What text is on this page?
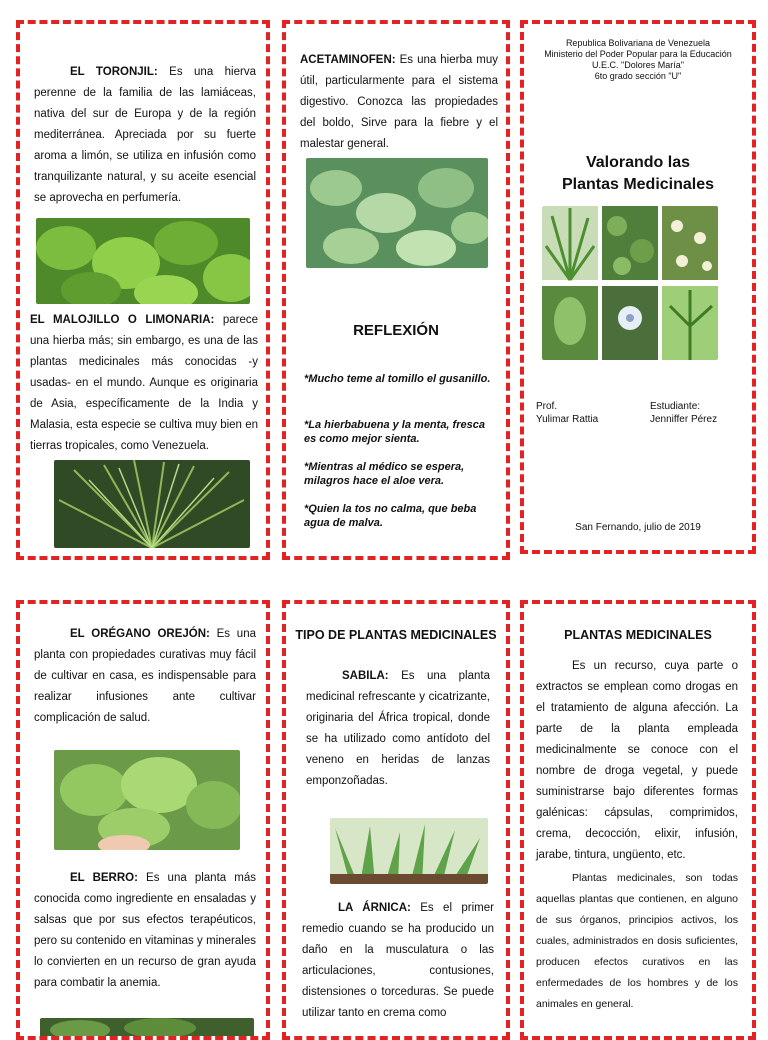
EL TORONJIL: Es una hierva perenne de la familia de las lamiáceas, nativa del sur de Europa y de la región mediterránea. Apreciada por su fuerte aroma a limón, se utiliza en infusión como tranquilizante natural, y su aceite esencial se aprovecha en perfumería.
EL MALOJILLO O LIMONARIA: parece una hierba más; sin embargo, es una de las plantas medicinales más conocidas -y usadas- en el mundo. Aunque es originaria de Asia, específicamente de la India y Malasia, esta especie se cultiva muy bien en tierras tropicales, como Venezuela.
ACETAMINOFEN: Es una hierba muy útil, particularmente para el sistema digestivo. Conozca las propiedades del boldo, Sirve para la fiebre y el malestar general.
REFLEXIÓN
*Mucho teme al tomillo el gusanillo.
*La hierbabuena y la menta, fresca es como mejor sienta.
*Mientras al médico se espera, milagros hace el aloe vera.
*Quien la tos no calma, que beba agua de malva.
Republica Bolivariana de Venezuela
Ministerio del Poder Popular para la Educación
U.E.C. "Dolores María"
6to grado sección "U"
Valorando las
Plantas Medicinales
Prof.
Yulimar Rattia
Estudiante:
Jenniffer Pérez
San Fernando, julio de 2019
EL ORÉGANO OREJÓN: Es una planta con propiedades curativas muy fácil de cultivar en casa, es indispensable para realizar infusiones ante cultivar complicación de salud.
EL BERRO: Es una planta más conocida como ingrediente en ensaladas y salsas que por sus efectos terapéuticos, pero su contenido en vitaminas y minerales lo convierten en un recurso de gran ayuda para combatir la anemia.
TIPO DE PLANTAS MEDICINALES
SABILA: Es una planta medicinal refrescante y cicatrizante, originaria del África tropical, donde se ha utilizado como antídoto del veneno en heridas de lanzas emponzoñadas.
LA ÁRNICA: Es el primer remedio cuando se ha producido un daño en la musculatura o las articulaciones, contusiones, distensiones o torceduras. Se puede utilizar tanto en crema como
PLANTAS MEDICINALES
Es un recurso, cuya parte o extractos se emplean como drogas en el tratamiento de alguna afección. La parte de la planta empleada medicinalmente se conoce con el nombre de droga vegetal, y puede suministrarse bajo diferentes formas galénicas: cápsulas, comprimidos, crema, decocción, elixir, infusión, jarabe, tintura, ungüento, etc.
Plantas medicinales, son todas aquellas plantas que contienen, en alguno de sus órganos, principios activos, los cuales, administrados en dosis suficientes, producen efectos curativos en las enfermedades de los hombres y de los animales en general.
